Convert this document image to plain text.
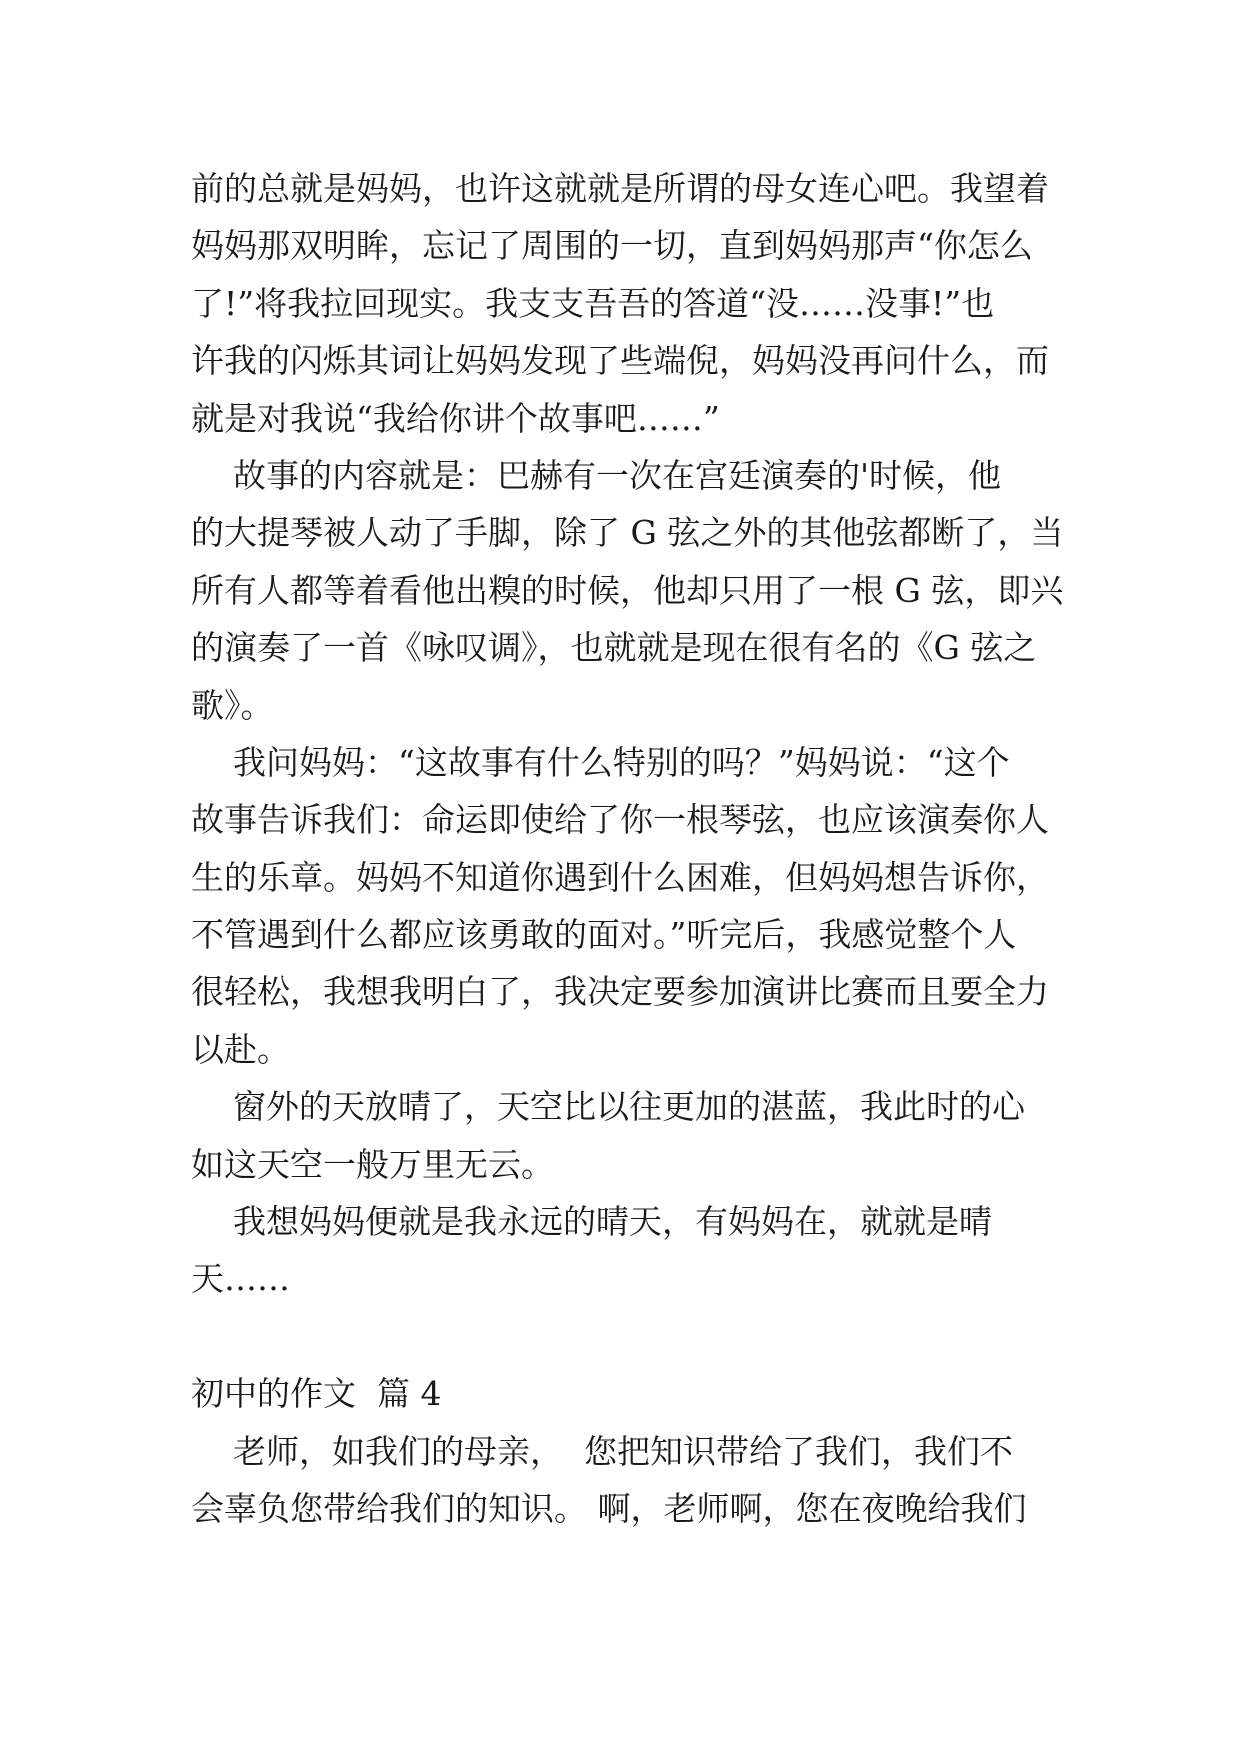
前的总就是妈妈，也许这就就是所谓的母女连心吧。我望着
妈妈那双明眸，忘记了周围的一切，直到妈妈那声“你怎么
了!”将我拉回现实。我支支吾吾的答道“没……没事!”也
许我的闪烁其词让妈妈发现了些端倪，妈妈没再问什么，而
就是对我说“我给你讲个故事吧……”
故事的内容就是：巴赫有一次在宫廷演奏的'时候，他
的大提琴被人动了手脚，除了 G 弦之外的其他弦都断了，当
所有人都等着看他出糗的时候，他却只用了一根 G 弦，即兴
的演奏了一首《咏叹调》，也就就是现在很有名的《G 弦之
歌》。
我问妈妈：“这故事有什么特别的吗？”妈妈说：“这个
故事告诉我们：命运即使给了你一根琴弦，也应该演奏你人
生的乐章。妈妈不知道你遇到什么困难，但妈妈想告诉你，
不管遇到什么都应该勇敢的面对。”听完后，我感觉整个人
很轻松，我想我明白了，我决定要参加演讲比赛而且要全力
以赴。
窗外的天放晴了，天空比以往更加的湛蓝，我此时的心
如这天空一般万里无云。
我想妈妈便就是我永远的晴天，有妈妈在，就就是晴
天……
初中的作文  篇 4
老师，如我们的母亲，  您把知识带给了我们，我们不
会辜负您带给我们的知识。 啊，老师啊，您在夜晚给我们
